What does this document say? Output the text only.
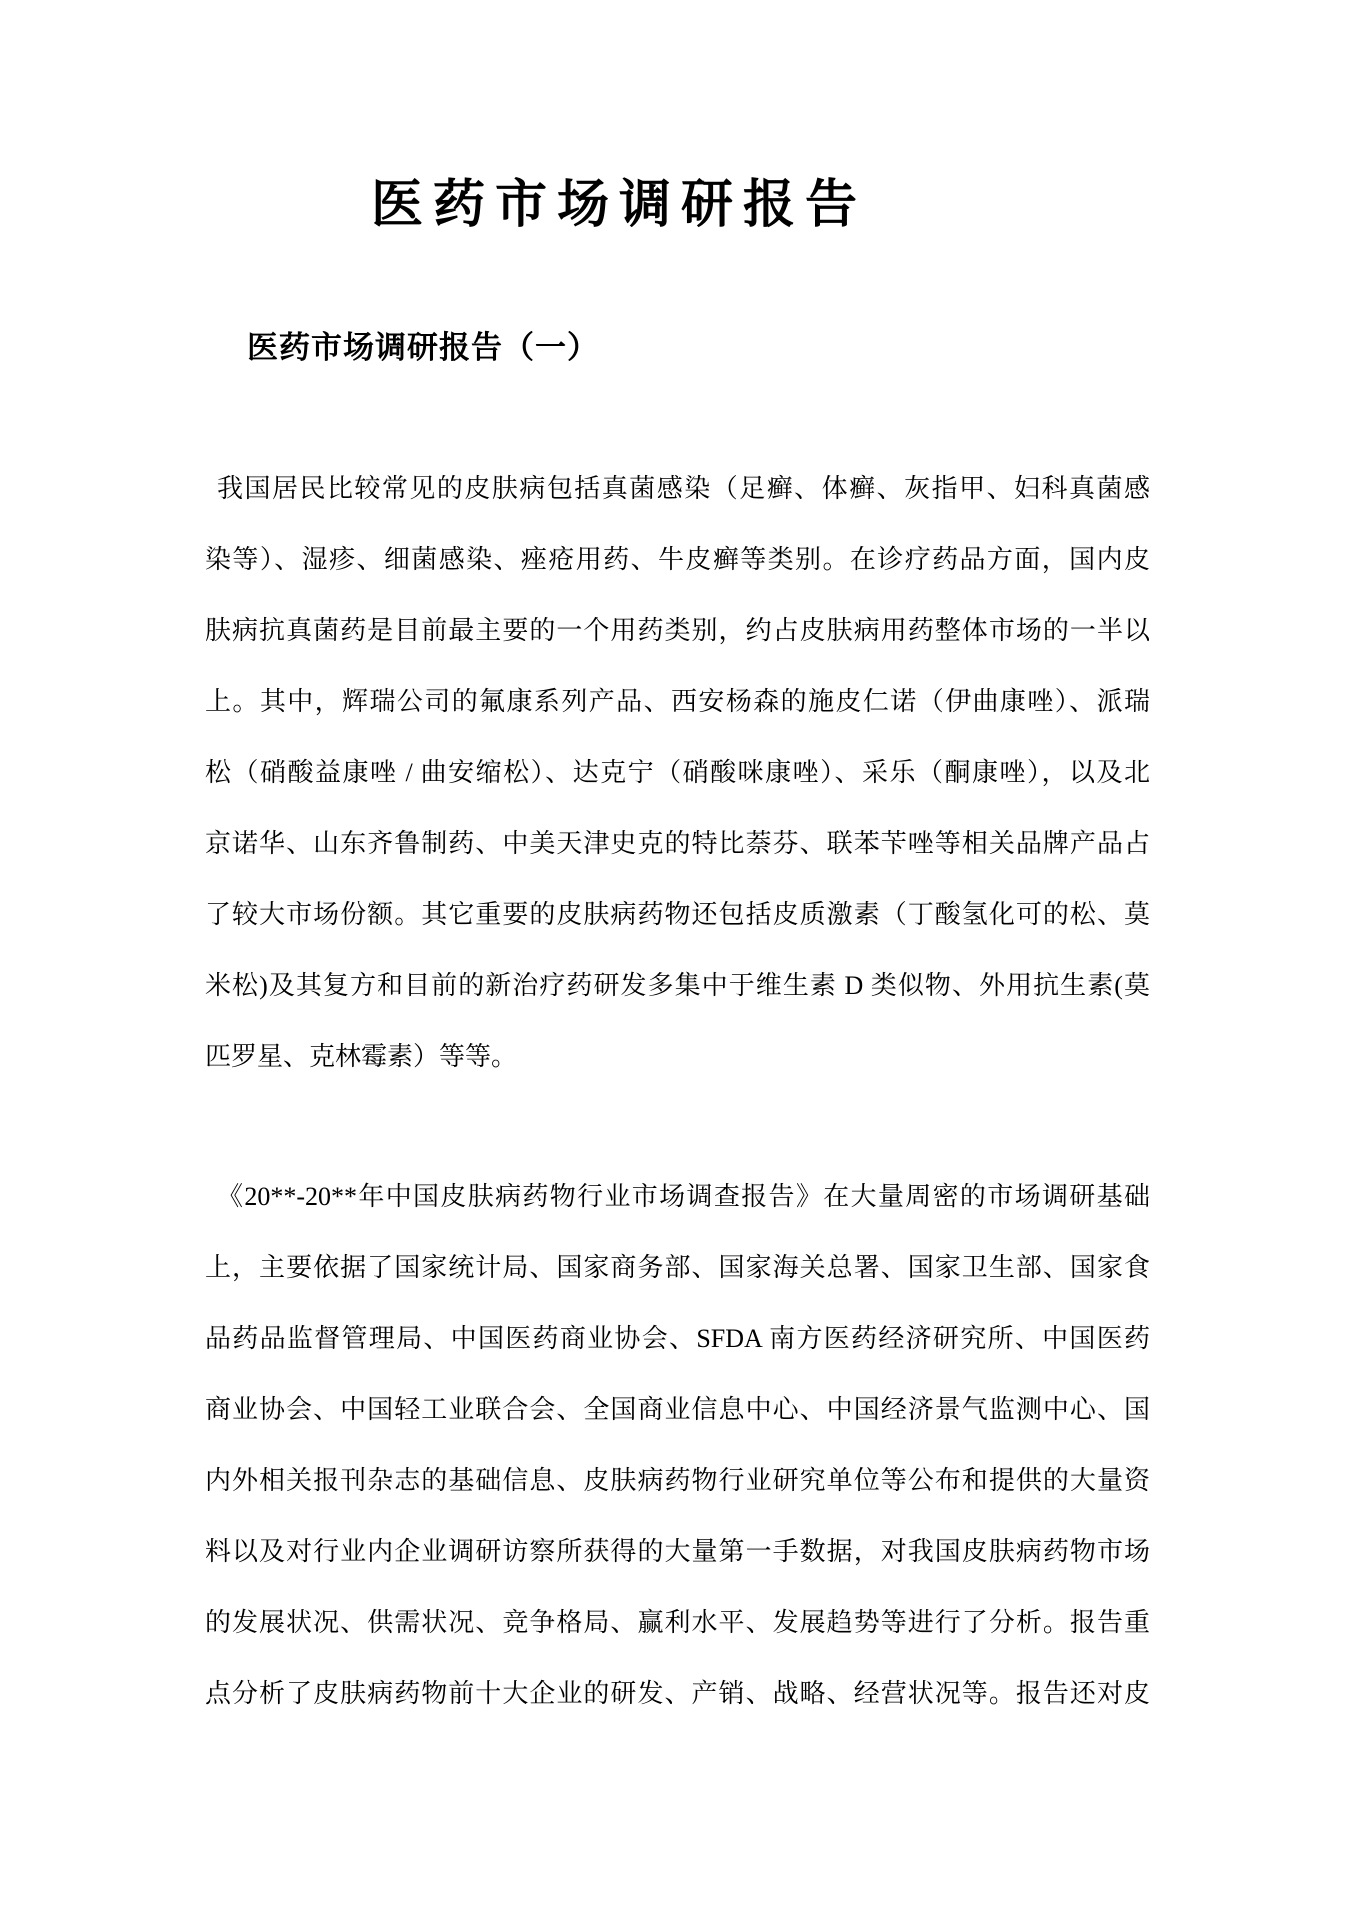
医药市场调研报告
医药市场调研报告（一）
我国居民比较常见的皮肤病包括真菌感染（足癣、体癣、灰指甲、妇科真菌感
染等）、湿疹、细菌感染、痤疮用药、牛皮癣等类别。在诊疗药品方面，国内皮
肤病抗真菌药是目前最主要的一个用药类别，约占皮肤病用药整体市场的一半以
上。其中，辉瑞公司的氟康系列产品、西安杨森的施皮仁诺（伊曲康唑）、派瑞
松（硝酸益康唑 / 曲安缩松）、达克宁（硝酸咪康唑）、采乐（酮康唑），以及北
京诺华、山东齐鲁制药、中美天津史克的特比萘芬、联苯苄唑等相关品牌产品占
了较大市场份额。其它重要的皮肤病药物还包括皮质激素（丁酸氢化可的松、莫
米松)及其复方和目前的新治疗药研发多集中于维生素 D 类似物、外用抗生素(莫
匹罗星、克林霉素）等等。
《20**-20**年中国皮肤病药物行业市场调查报告》在大量周密的市场调研基础
上，主要依据了国家统计局、国家商务部、国家海关总署、国家卫生部、国家食
品药品监督管理局、中国医药商业协会、SFDA 南方医药经济研究所、中国医药
商业协会、中国轻工业联合会、全国商业信息中心、中国经济景气监测中心、国
内外相关报刊杂志的基础信息、皮肤病药物行业研究单位等公布和提供的大量资
料以及对行业内企业调研访察所获得的大量第一手数据，对我国皮肤病药物市场
的发展状况、供需状况、竞争格局、赢利水平、发展趋势等进行了分析。报告重
点分析了皮肤病药物前十大企业的研发、产销、战略、经营状况等。报告还对皮
